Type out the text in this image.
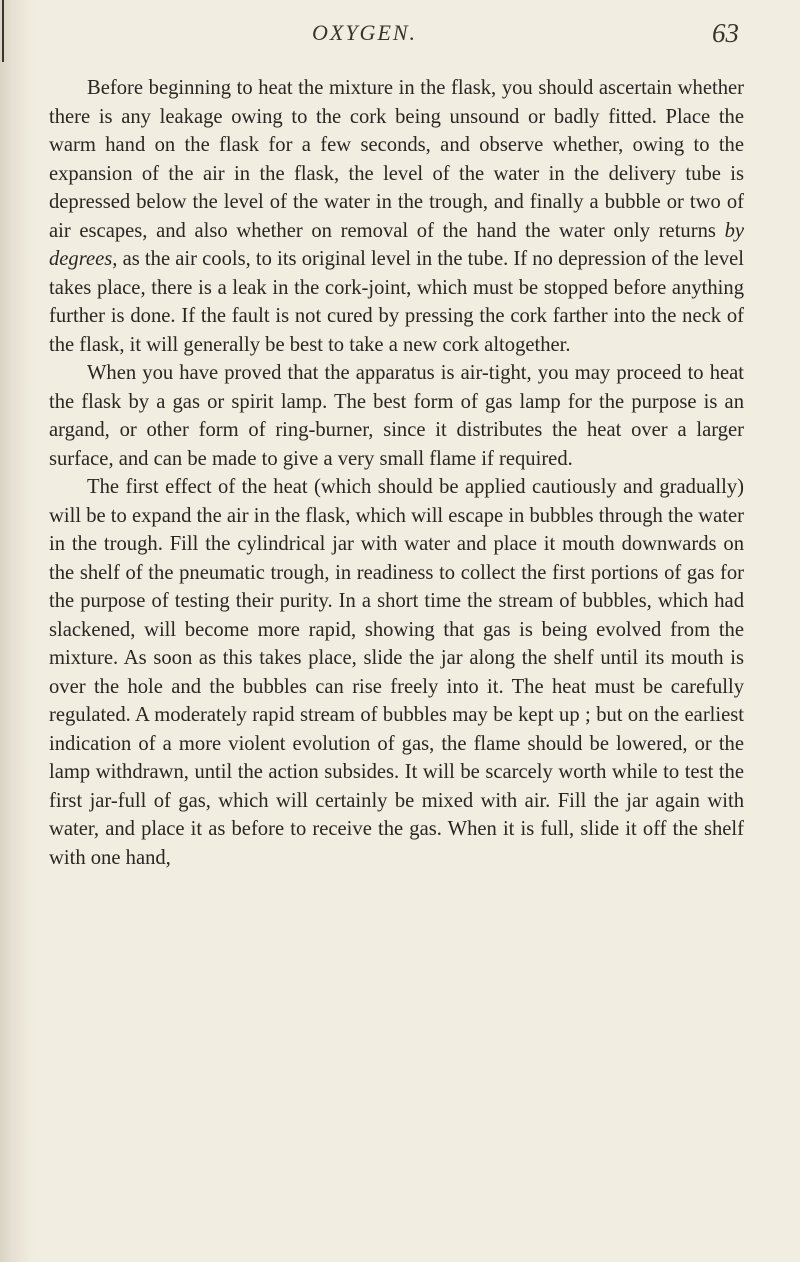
OXYGEN.	63

Before beginning to heat the mixture in the flask, you should ascertain whether there is any leakage owing to the cork being unsound or badly fitted. Place the warm hand on the flask for a few seconds, and observe whether, owing to the expansion of the air in the flask, the level of the water in the delivery tube is depressed below the level of the water in the trough, and finally a bubble or two of air escapes, and also whether on removal of the hand the water only returns by degrees, as the air cools, to its original level in the tube. If no depression of the level takes place, there is a leak in the cork-joint, which must be stopped before anything further is done. If the fault is not cured by pressing the cork farther into the neck of the flask, it will generally be best to take a new cork altogether.

When you have proved that the apparatus is air-tight, you may proceed to heat the flask by a gas or spirit lamp. The best form of gas lamp for the purpose is an argand, or other form of ring-burner, since it distributes the heat over a larger surface, and can be made to give a very small flame if required.

The first effect of the heat (which should be applied cautiously and gradually) will be to expand the air in the flask, which will escape in bubbles through the water in the trough. Fill the cylindrical jar with water and place it mouth downwards on the shelf of the pneumatic trough, in readiness to collect the first portions of gas for the purpose of testing their purity. In a short time the stream of bubbles, which had slackened, will become more rapid, showing that gas is being evolved from the mixture. As soon as this takes place, slide the jar along the shelf until its mouth is over the hole and the bubbles can rise freely into it. The heat must be carefully regulated. A moderately rapid stream of bubbles may be kept up ; but on the earliest indication of a more violent evolution of gas, the flame should be lowered, or the lamp withdrawn, until the action subsides. It will be scarcely worth while to test the first jar-full of gas, which will certainly be mixed with air. Fill the jar again with water, and place it as before to receive the gas. When it is full, slide it off the shelf with one hand,
